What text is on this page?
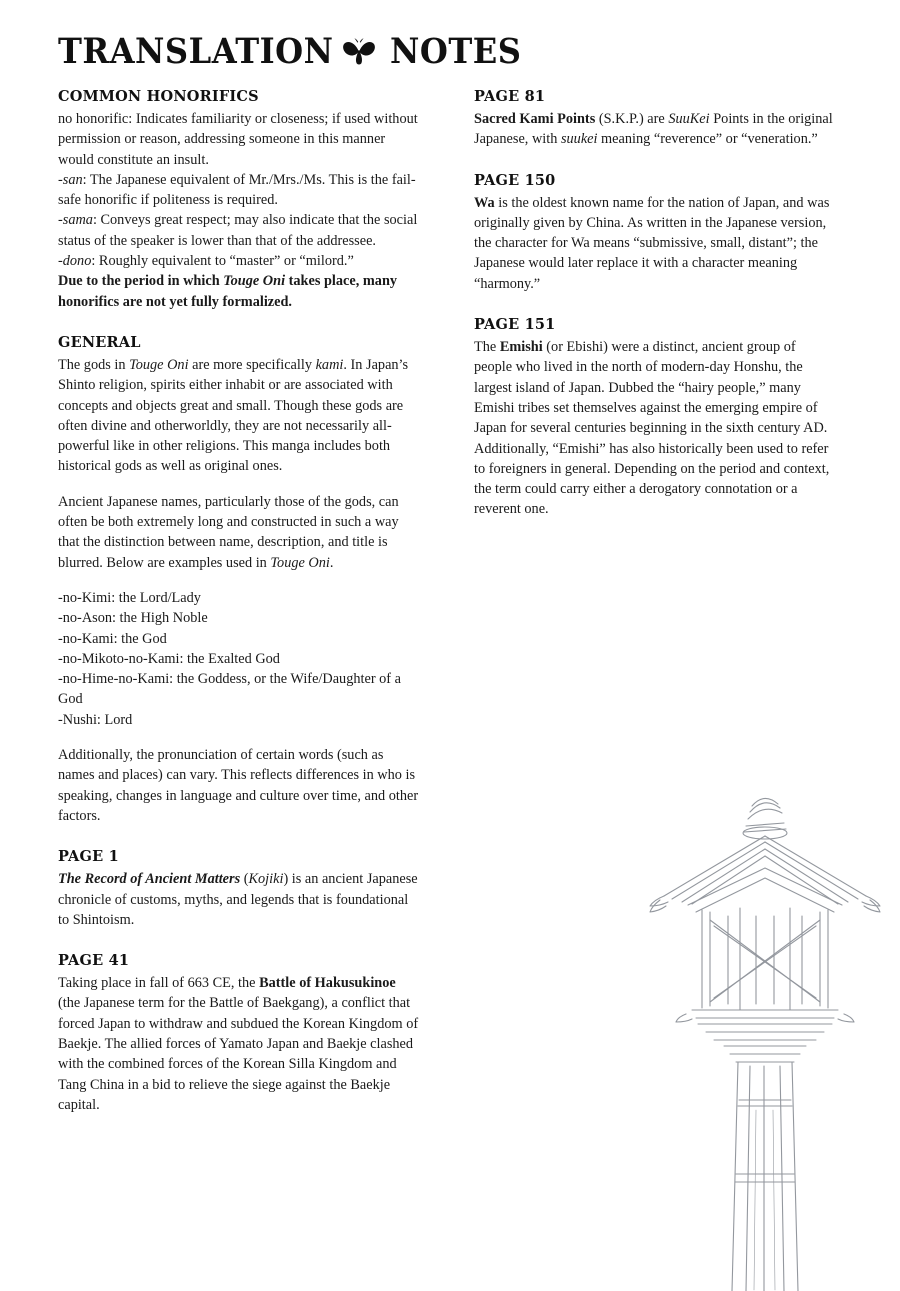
TRANSLATION NOTES
COMMON HONORIFICS

no honorific: Indicates familiarity or closeness; if used without permission or reason, addressing someone in this manner would constitute an insult.

-san: The Japanese equivalent of Mr./Mrs./Ms. This is the fail-safe honorific if politeness is required.

-sama: Conveys great respect; may also indicate that the social status of the speaker is lower than that of the addressee.

-dono: Roughly equivalent to “master” or “milord.”

Due to the period in which Touge Oni takes place, many honorifics are not yet fully formalized.

GENERAL

The gods in Touge Oni are more specifically kami. In Japan’s Shinto religion, spirits either inhabit or are associated with concepts and objects great and small. Though these gods are often divine and otherworldly, they are not necessarily all-powerful like in other religions. This manga includes both historical gods as well as original ones.

Ancient Japanese names, particularly those of the gods, can often be both extremely long and constructed in such a way that the distinction between name, description, and title is blurred. Below are examples used in Touge Oni.

-no-Kimi: the Lord/Lady
-no-Ason: the High Noble
-no-Kami: the God
-no-Mikoto-no-Kami: the Exalted God
-no-Hime-no-Kami: the Goddess, or the Wife/Daughter of a God
-Nushi: Lord

Additionally, the pronunciation of certain words (such as names and places) can vary. This reflects differences in who is speaking, changes in language and culture over time, and other factors.

PAGE 1

The Record of Ancient Matters (Kojiki) is an ancient Japanese chronicle of customs, myths, and legends that is foundational to Shintoism.

PAGE 41

Taking place in fall of 663 CE, the Battle of Hakusukinoe (the Japanese term for the Battle of Baekgang), a conflict that forced Japan to withdraw and subdued the Korean Kingdom of Baekje. The allied forces of Yamato Japan and Baekje clashed with the combined forces of the Korean Silla Kingdom and Tang China in a bid to relieve the siege against the Baekje capital.

PAGE 81

Sacred Kami Points (S.K.P.) are SuuKei Points in the original Japanese, with suukei meaning “reverence” or “veneration.”

PAGE 150

Wa is the oldest known name for the nation of Japan, and was originally given by China. As written in the Japanese version, the character for Wa means “submissive, small, distant”; the Japanese would later replace it with a character meaning “harmony.”

PAGE 151

The Emishi (or Ebishi) were a distinct, ancient group of people who lived in the north of modern-day Honshu, the largest island of Japan. Dubbed the “hairy people,” many Emishi tribes set themselves against the emerging empire of Japan for several centuries beginning in the sixth century AD. Additionally, “Emishi” has also historically been used to refer to foreigners in general. Depending on the period and context, the term could carry either a derogatory connotation or a reverent one.
